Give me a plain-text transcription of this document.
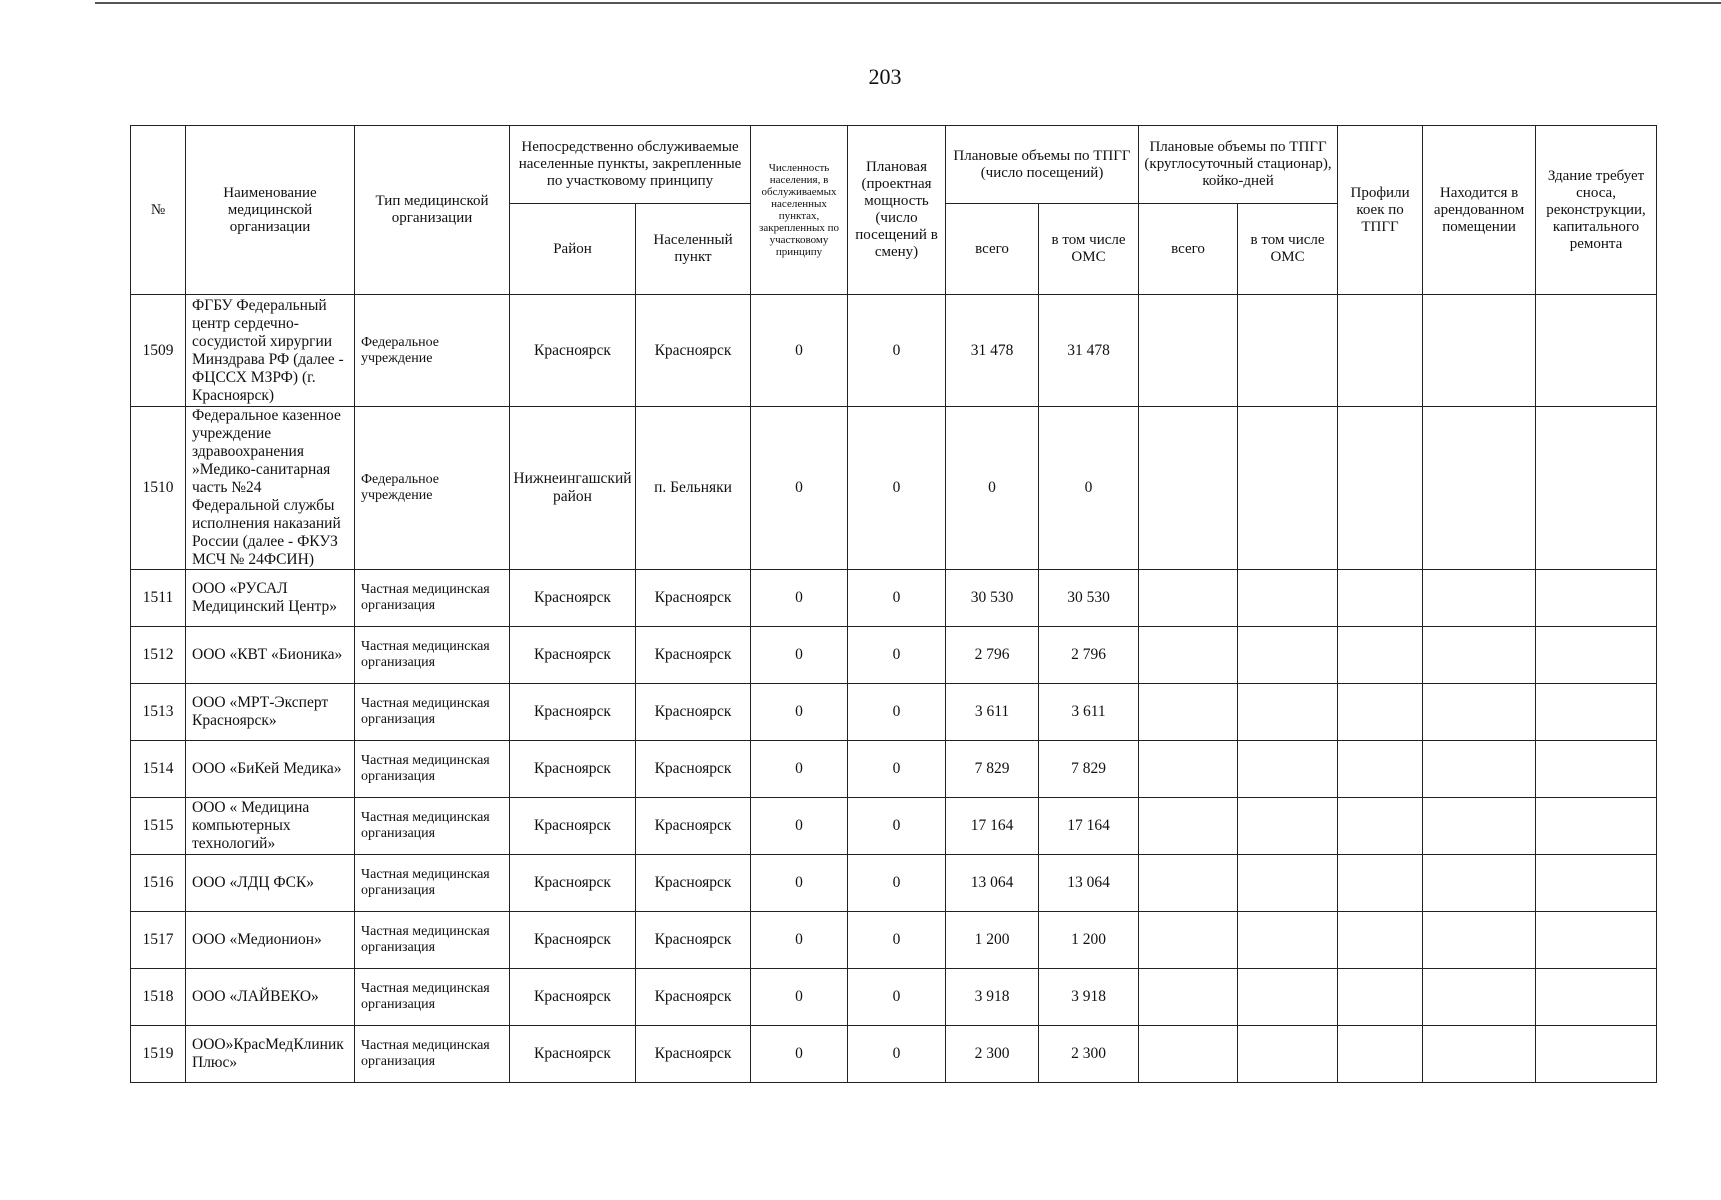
203
№	Наименование медицинской организации	Тип медицинской организации	Непосредственно обслуживаемые населенные пункты, закрепленные по участковому принципу		Численность населения, в обслуживаемых населенных пунктах, закрепленных по участковому принципу	Плановая (проектная мощность (число посещений в смену)	Плановые объемы по ТПГГ (число посещений)		Плановые объемы по ТПГГ (круглосуточный стационар), койко-дней		Профили коек по ТПГГ	Находится в арендованном помещении	Здание требует сноса, реконструкции, капитального ремонта
			Район	Населенный пункт			всего	в том числе ОМС	всего	в том числе ОМС			
1509	ФГБУ Федеральный центр сердечно-сосудистой хирургии Минздрава РФ (далее - ФЦССХ МЗРФ) (г. Красноярск)	Федеральное учреждение	Красноярск	Красноярск	0	0	31 478	31 478					
1510	Федеральное казенное учреждение здравоохранения »Медико-санитарная часть №24 Федеральной службы исполнения наказаний России (далее - ФКУЗ МСЧ № 24ФСИН)	Федеральное учреждение	Нижнеингашский район	п. Бельняки	0	0	0	0					
1511	ООО «РУСАЛ Медицинский Центр»	Частная медицинская организация	Красноярск	Красноярск	0	0	30 530	30 530					
1512	ООО «КВТ «Бионика»	Частная медицинская организация	Красноярск	Красноярск	0	0	2 796	2 796					
1513	ООО «МРТ-Эксперт Красноярск»	Частная медицинская организация	Красноярск	Красноярск	0	0	3 611	3 611					
1514	ООО «БиКей Медика»	Частная медицинская организация	Красноярск	Красноярск	0	0	7 829	7 829					
1515	ООО « Медицина компьютерных технологий»	Частная медицинская организация	Красноярск	Красноярск	0	0	17 164	17 164					
1516	ООО «ЛДЦ ФСК»	Частная медицинская организация	Красноярск	Красноярск	0	0	13 064	13 064					
1517	ООО «Медионион»	Частная медицинская организация	Красноярск	Красноярск	0	0	1 200	1 200					
1518	ООО «ЛАЙВЕКО»	Частная медицинская организация	Красноярск	Красноярск	0	0	3 918	3 918					
1519	ООО»КрасМедКлиник Плюс»	Частная медицинская организация	Красноярск	Красноярск	0	0	2 300	2 300					
